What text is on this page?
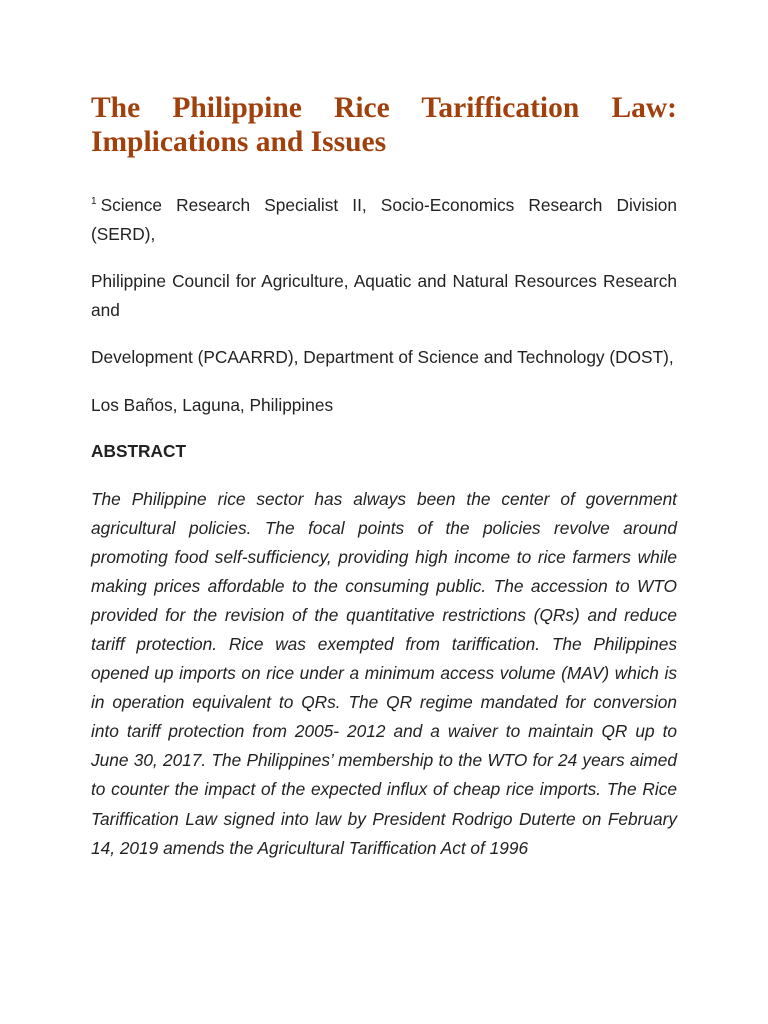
The Philippine Rice Tariffication Law:
Implications and Issues

$^1$ Science Research Specialist II, Socio-Economics Research Division (SERD),

Philippine Council for Agriculture, Aquatic and Natural Resources Research and

Development (PCAARRD), Department of Science and Technology (DOST),

Los Baños, Laguna, Philippines

ABSTRACT

The Philippine rice sector has always been the center of government agricultural policies. The focal points of the policies revolve around promoting food self-sufficiency, providing high income to rice farmers while making prices affordable to the consuming public. The accession to WTO provided for the revision of the quantitative restrictions (QRs) and reduce tariff protection. Rice was exempted from tariffication. The Philippines opened up imports on rice under a minimum access volume (MAV) which is in operation equivalent to QRs. The QR regime mandated for conversion into tariff protection from 2005- 2012 and a waiver to maintain QR up to June 30, 2017. The Philippines’ membership to the WTO for 24 years aimed to counter the impact of the expected influx of cheap rice imports. The Rice Tariffication Law signed into law by President Rodrigo Duterte on February 14, 2019 amends the Agricultural Tariffication Act of 1996
